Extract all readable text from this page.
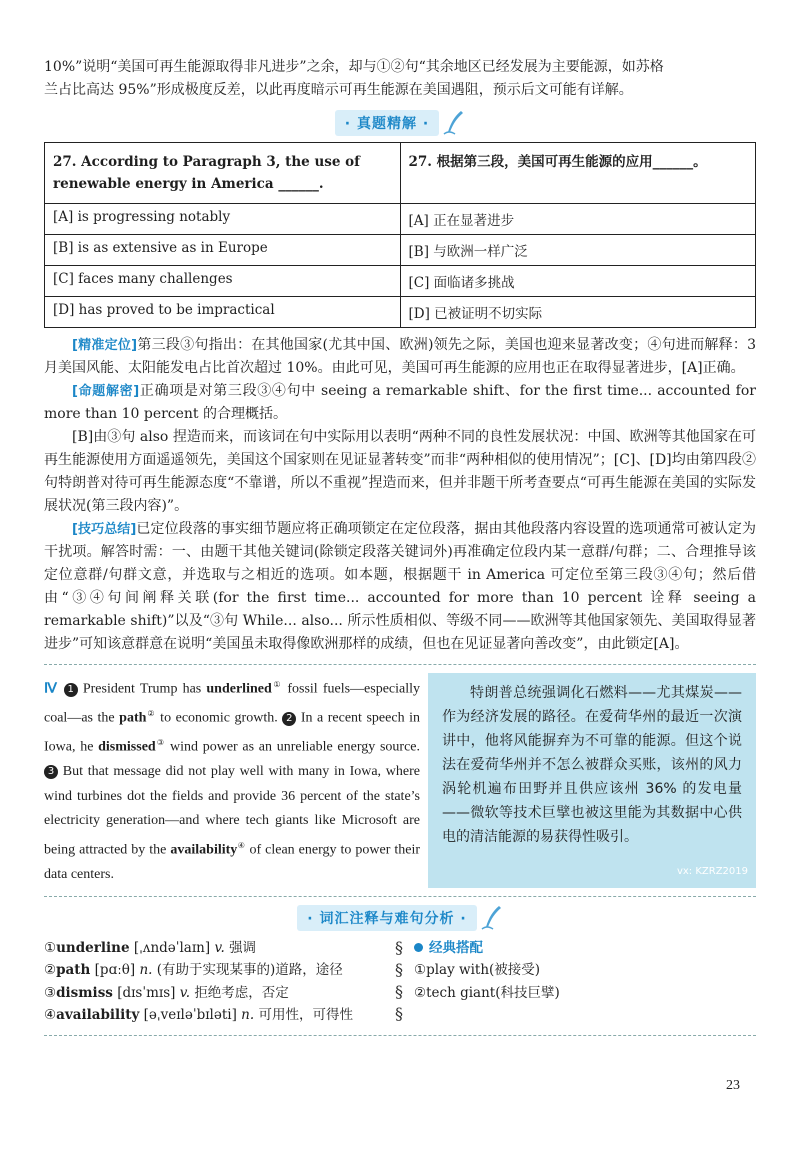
10%”说明“美国可再生能源取得非凡进步”之余，却与①②句“其余地区已经发展为主要能源，如苏格

兰占比高达 95%”形成极度反差，以此再度暗示可再生能源在美国遇阻，预示后文可能有详解。

· 真题精解 ·
27. According to Paragraph 3, the use of renewable energy in America ______.	27. 根据第三段，美国可再生能源的应用______。
[A] is progressing notably	[A] 正在显著进步
[B] is as extensive as in Europe	[B] 与欧洲一样广泛
[C] faces many challenges	[C] 面临诸多挑战
[D] has proved to be impractical	[D] 已被证明不切实际

[精准定位]第三段③句指出：在其他国家(尤其中国、欧洲)领先之际，美国也迎来显著改变；④句进而解释：3月美国风能、太阳能发电占比首次超过 10%。由此可见，美国可再生能源的应用也正在取得显著进步，[A]正确。

[命题解密]正确项是对第三段③④句中 seeing a remarkable shift、for the first time... accounted for more than 10 percent 的合理概括。

[B]由③句 also 捏造而来，而该词在句中实际用以表明“两种不同的良性发展状况：中国、欧洲等其他国家在可再生能源使用方面遥遥领先，美国这个国家则在见证显著转变”而非“两种相似的使用情况”；[C]、[D]均由第四段②句特朗普对待可再生能源态度“不靠谱，所以不重视”捏造而来，但并非题干所考查要点“可再生能源在美国的实际发展状况(第三段内容)”。

[技巧总结]已定位段落的事实细节题应将正确项锁定在定位段落，据由其他段落内容设置的选项通常可被认定为干扰项。解答时需：一、由题干其他关键词(除锁定段落关键词外)再准确定位段内某一意群/句群；二、合理推导该定位意群/句群文意，并选取与之相近的选项。如本题，根据题干 in America 可定位至第三段③④句；然后借由“③④句间阐释关联(for the first time... accounted for more than 10 percent 诠释 seeing a remarkable shift)”以及“③句 While... also... 所示性质相似、等级不同——欧洲等其他国家领先、美国取得显著进步”可知该意群意在说明“美国虽未取得像欧洲那样的成绩，但也在见证显著向善改变”，由此锁定[A]。

Ⅳ 1 President Trump has underlined① fossil fuels—especially coal—as the path② to economic growth. 2 In a recent speech in Iowa, he dismissed③ wind power as an unreliable energy source. 3 But that message did not play well with many in Iowa, where wind turbines dot the fields and provide 36 percent of the state’s electricity generation—and where tech giants like Microsoft are being attracted by the availability④ of clean energy to power their data centers.
特朗普总统强调化石燃料——尤其煤炭——作为经济发展的路径。在爱荷华州的最近一次演讲中，他将风能摒弃为不可靠的能源。但这个说法在爱荷华州并不怎么被群众买账，该州的风力涡轮机遍布田野并且供应该州 36% 的发电量——微软等技术巨擘也被这里能为其数据中心供电的清洁能源的易获得性吸引。
vx: KZRZ2019
· 词汇注释与难句分析 ·
①underline [ˌʌndəˈlaɪn] v. 强调
②path [pɑːθ] n. (有助于实现某事的)道路，途径
③dismiss [dɪsˈmɪs] v. 拒绝考虑，否定
④availability [əˌveɪləˈbɪləti] n. 可用性，可得性
§
§
§
§
经典搭配
①play with(被接受)
②tech giant(科技巨擘)
23
